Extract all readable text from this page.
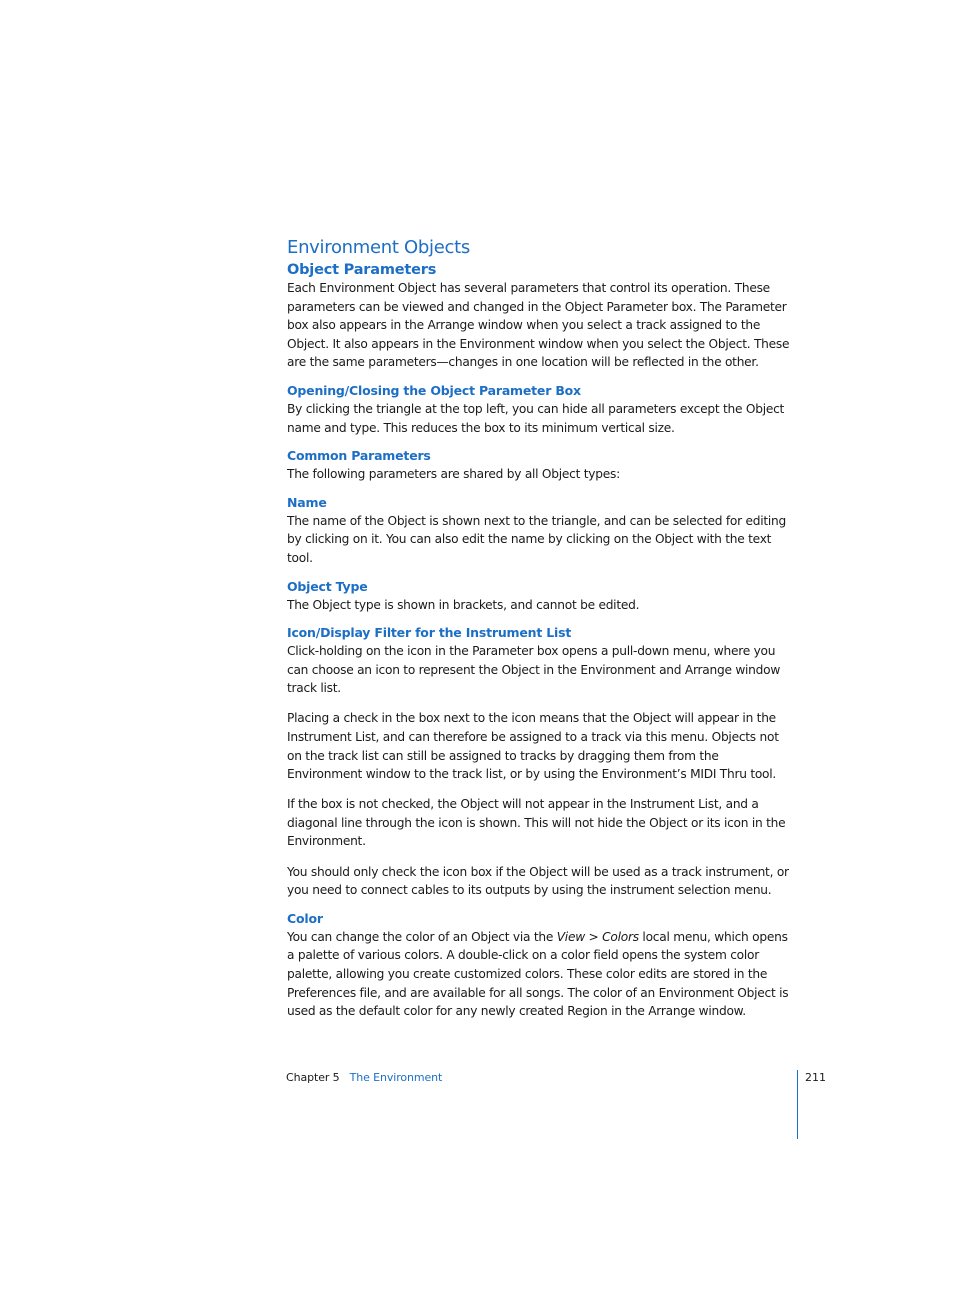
Environment Objects
Object Parameters

Each Environment Object has several parameters that control its operation. These parameters can be viewed and changed in the Object Parameter box. The Parameter box also appears in the Arrange window when you select a track assigned to the Object. It also appears in the Environment window when you select the Object. These are the same parameters—changes in one location will be reflected in the other.

Opening/Closing the Object Parameter Box

By clicking the triangle at the top left, you can hide all parameters except the Object name and type. This reduces the box to its minimum vertical size.

Common Parameters

The following parameters are shared by all Object types:

Name

The name of the Object is shown next to the triangle, and can be selected for editing by clicking on it. You can also edit the name by clicking on the Object with the text tool.

Object Type

The Object type is shown in brackets, and cannot be edited.

Icon/Display Filter for the Instrument List

Click-holding on the icon in the Parameter box opens a pull-down menu, where you can choose an icon to represent the Object in the Environment and Arrange window track list.

Placing a check in the box next to the icon means that the Object will appear in the Instrument List, and can therefore be assigned to a track via this menu. Objects not on the track list can still be assigned to tracks by dragging them from the Environment window to the track list, or by using the Environment’s MIDI Thru tool.

If the box is not checked, the Object will not appear in the Instrument List, and a diagonal line through the icon is shown. This will not hide the Object or its icon in the Environment.

You should only check the icon box if the Object will be used as a track instrument, or you need to connect cables to its outputs by using the instrument selection menu.

Color

You can change the color of an Object via the View > Colors local menu, which opens a palette of various colors. A double-click on a color field opens the system color palette, allowing you create customized colors. These color edits are stored in the Preferences file, and are available for all songs. The color of an Environment Object is used as the default color for any newly created Region in the Arrange window.

Chapter 5 The Environment	211
